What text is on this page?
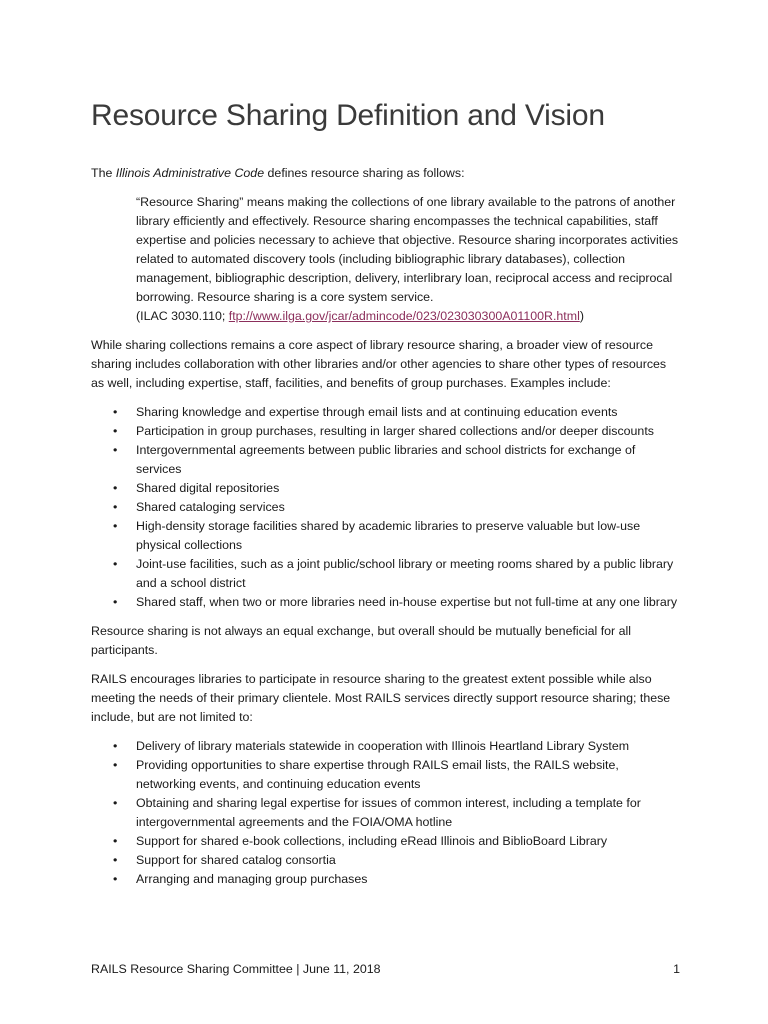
Resource Sharing Definition and Vision

The Illinois Administrative Code defines resource sharing as follows:

“Resource Sharing” means making the collections of one library available to the patrons of another library efficiently and effectively. Resource sharing encompasses the technical capabilities, staff expertise and policies necessary to achieve that objective. Resource sharing incorporates activities related to automated discovery tools (including bibliographic library databases), collection management, bibliographic description, delivery, interlibrary loan, reciprocal access and reciprocal borrowing. Resource sharing is a core system service.
(ILAC 3030.110; ftp://www.ilga.gov/jcar/admincode/023/023030300A01100R.html)

While sharing collections remains a core aspect of library resource sharing, a broader view of resource sharing includes collaboration with other libraries and/or other agencies to share other types of resources as well, including expertise, staff, facilities, and benefits of group purchases. Examples include:

• Sharing knowledge and expertise through email lists and at continuing education events
• Participation in group purchases, resulting in larger shared collections and/or deeper discounts
• Intergovernmental agreements between public libraries and school districts for exchange of services
• Shared digital repositories
• Shared cataloging services
• High-density storage facilities shared by academic libraries to preserve valuable but low-use physical collections
• Joint-use facilities, such as a joint public/school library or meeting rooms shared by a public library and a school district
• Shared staff, when two or more libraries need in-house expertise but not full-time at any one library

Resource sharing is not always an equal exchange, but overall should be mutually beneficial for all participants.

RAILS encourages libraries to participate in resource sharing to the greatest extent possible while also meeting the needs of their primary clientele. Most RAILS services directly support resource sharing; these include, but are not limited to:

• Delivery of library materials statewide in cooperation with Illinois Heartland Library System
• Providing opportunities to share expertise through RAILS email lists, the RAILS website, networking events, and continuing education events
• Obtaining and sharing legal expertise for issues of common interest, including a template for intergovernmental agreements and the FOIA/OMA hotline
• Support for shared e-book collections, including eRead Illinois and BiblioBoard Library
• Support for shared catalog consortia
• Arranging and managing group purchases
RAILS Resource Sharing Committee | June 11, 2018	1
